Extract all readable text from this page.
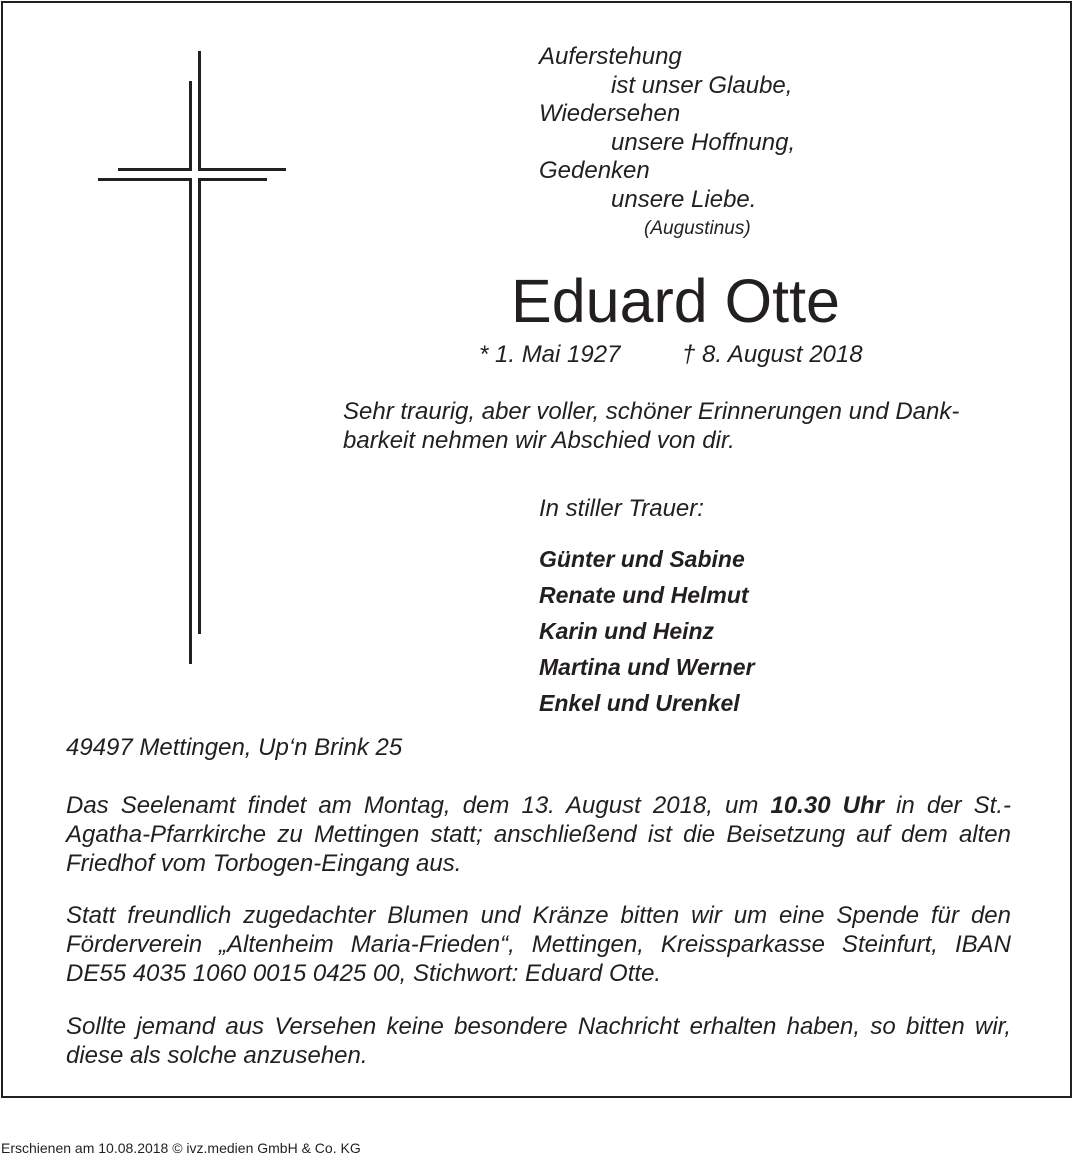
Auferstehung
ist unser Glaube,
Wiedersehen
unsere Hoffnung,
Gedenken
unsere Liebe.
(Augustinus)
Eduard Otte
* 1. Mai 1927	† 8. August 2018
Sehr traurig, aber voller, schöner Erinnerungen und Dank-barkeit nehmen wir Abschied von dir.
In stiller Trauer:
Günter und Sabine
Renate und Helmut
Karin und Heinz
Martina und Werner
Enkel und Urenkel
49497 Mettingen, Up‘n Brink 25
Das Seelenamt findet am Montag, dem 13. August 2018, um 10.30 Uhr in der St.-Agatha-Pfarrkirche zu Mettingen statt; anschließend ist die Beisetzung auf dem alten Friedhof vom Torbogen-Eingang aus.
Statt freundlich zugedachter Blumen und Kränze bitten wir um eine Spende für den Förderverein „Altenheim Maria-Frieden“, Mettingen, Kreissparkasse Steinfurt, IBAN DE55 4035 1060 0015 0425 00, Stichwort: Eduard Otte.
Sollte jemand aus Versehen keine besondere Nachricht erhalten haben, so bitten wir, diese als solche anzusehen.
Erschienen am 10.08.2018 © ivz.medien GmbH & Co. KG
